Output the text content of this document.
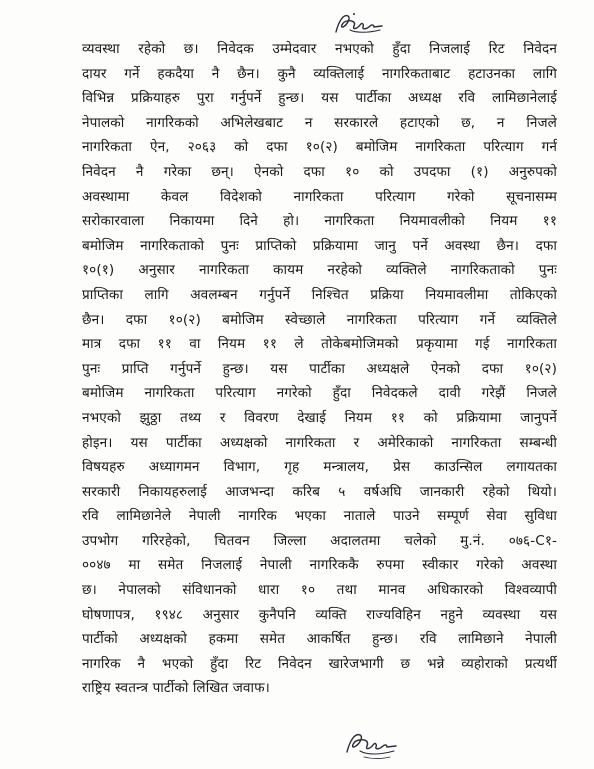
व्यवस्था रहेको छ। निवेदक उम्मेदवार नभएको हुँदा निजलाई रिट निवेदन
दायर गर्ने हकदैया नै छैन। कुनै व्यक्तिलाई नागरिकताबाट हटाउनका लागि
विभिन्न प्रक्रियाहरु पुरा गर्नुपर्ने हुन्छ। यस पार्टीका अध्यक्ष रवि लामिछानेलाई
नेपालको नागरिकको अभिलेखबाट न सरकारले हटाएको छ, न निजले
नागरिकता ऐन, २०६३ को दफा १०(२) बमोजिम नागरिकता परित्याग गर्न
निवेदन नै गरेका छन्। ऐनको दफा १० को उपदफा (१) अनुरुपको
अवस्थामा केवल विदेशको नागरिकता परित्याग गरेको सूचनासम्म
सरोकारवाला निकायमा दिने हो। नागरिकता नियमावलीको नियम ११
बमोजिम नागरिकताको पुनः प्राप्तिको प्रक्रियामा जानु पर्ने अवस्था छैन। दफा
१०(१) अनुसार नागरिकता कायम नरहेको व्यक्तिले नागरिकताको पुनः
प्राप्तिका लागि अवलम्बन गर्नुपर्ने निश्चित प्रक्रिया नियमावलीमा तोकिएको
छैन। दफा १०(२) बमोजिम स्वेच्छाले नागरिकता परित्याग गर्ने व्यक्तिले
मात्र दफा ११ वा नियम ११ ले तोकेबमोजिमको प्रकृयामा गई नागरिकता
पुनः प्राप्ति गर्नुपर्ने हुन्छ। यस पार्टीका अध्यक्षले ऐनको दफा १०(२)
बमोजिम नागरिकता परित्याग नगरेको हुँदा निवेदकले दावी गरेझैं निजले
नभएको झुठ्ठा तथ्य र विवरण देखाई नियम ११ को प्रक्रियामा जानुपर्ने
होइन। यस पार्टीका अध्यक्षको नागरिकता र अमेरिकाको नागरिकता सम्बन्धी
विषयहरु अध्यागमन विभाग, गृह मन्त्रालय, प्रेस काउन्सिल लगायतका
सरकारी निकायहरुलाई आजभन्दा करिब ५ वर्षअघि जानकारी रहेको थियो।
रवि लामिछानेले नेपाली नागरिक भएका नाताले पाउने सम्पूर्ण सेवा सुविधा
उपभोग गरिरहेको, चितवन जिल्ला अदालतमा चलेको मु.नं. ०७६-C१-
००४७ मा समेत निजलाई नेपाली नागरिककै रुपमा स्वीकार गरेको अवस्था
छ। नेपालको संविधानको धारा १० तथा मानव अधिकारको विश्वव्यापी
घोषणापत्र, १९४८ अनुसार कुनैपनि व्यक्ति राज्यविहिन नहुने व्यवस्था यस
पार्टीको अध्यक्षको हकमा समेत आकर्षित हुन्छ। रवि लामिछाने नेपाली
नागरिक नै भएको हुँदा रिट निवेदन खारेजभागी छ भन्ने व्यहोराको प्रत्यर्थी
राष्ट्रिय स्वतन्त्र पार्टीको लिखित जवाफ।
